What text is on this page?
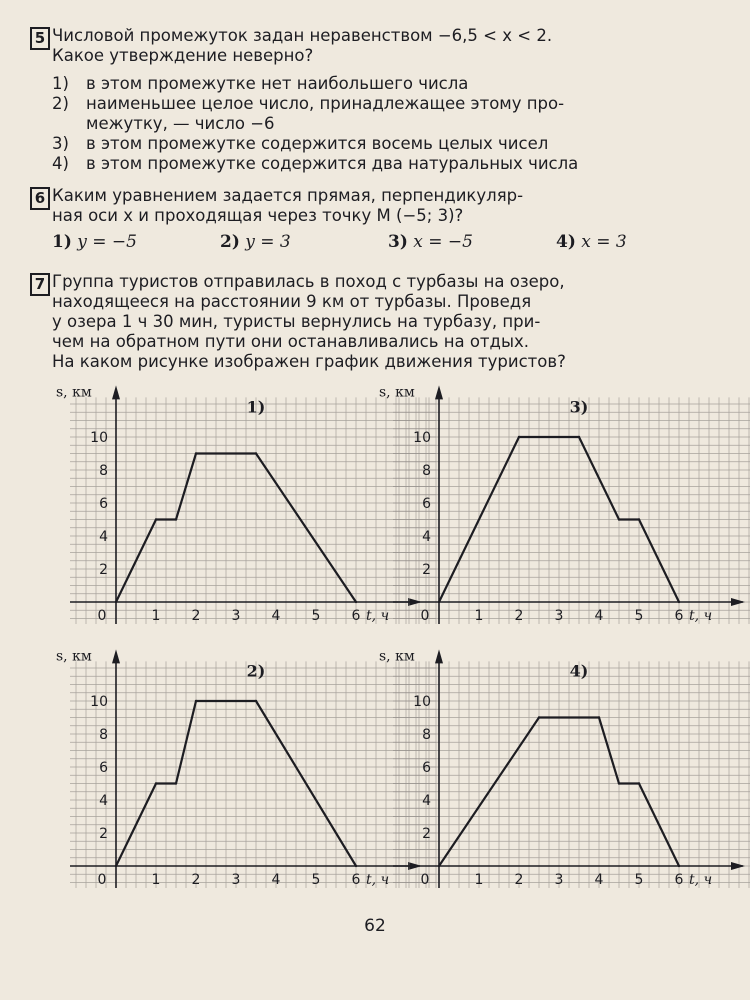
5 Числовой промежуток задан неравенством −6,5 < x < 2.

Какое утверждение неверно?

1)	в этом промежутке нет наибольшего числа
2)	наименьшее целое число, принадлежащее этому про-
межутку, — число −6
3)	в этом промежутке содержится восемь целых чисел
4)	в этом промежутке содержится два натуральных числа
6 Каким уравнением задается прямая, перпендикуляр-

ная оси x и проходящая через точку M (−5; 3)?

1) y = −5	2) y = 3	3) x = −5	4) x = 3
7 Группа туристов отправилась в поход с турбазы на озеро,

находящееся на расстоянии 9 км от турбазы. Проведя

у озера 1 ч 30 мин, туристы вернулись на турбазу, при-

чем на обратном пути они останавливались на отдых.

На каком рисунке изображен график движения туристов?

0	1 2 3 4 5 6
2
4
6
8
10
s, км
t, ч
1)
0	1 2 3 4 5 6
2
4
6
8
10
s, км
t, ч
3)
0	1 2 3 4 5 6
2
4
6
8
10
s, км
t, ч
2)
0	1 2 3 4 5 6
2
4
6
8
10
s, км
t, ч
4)
62
